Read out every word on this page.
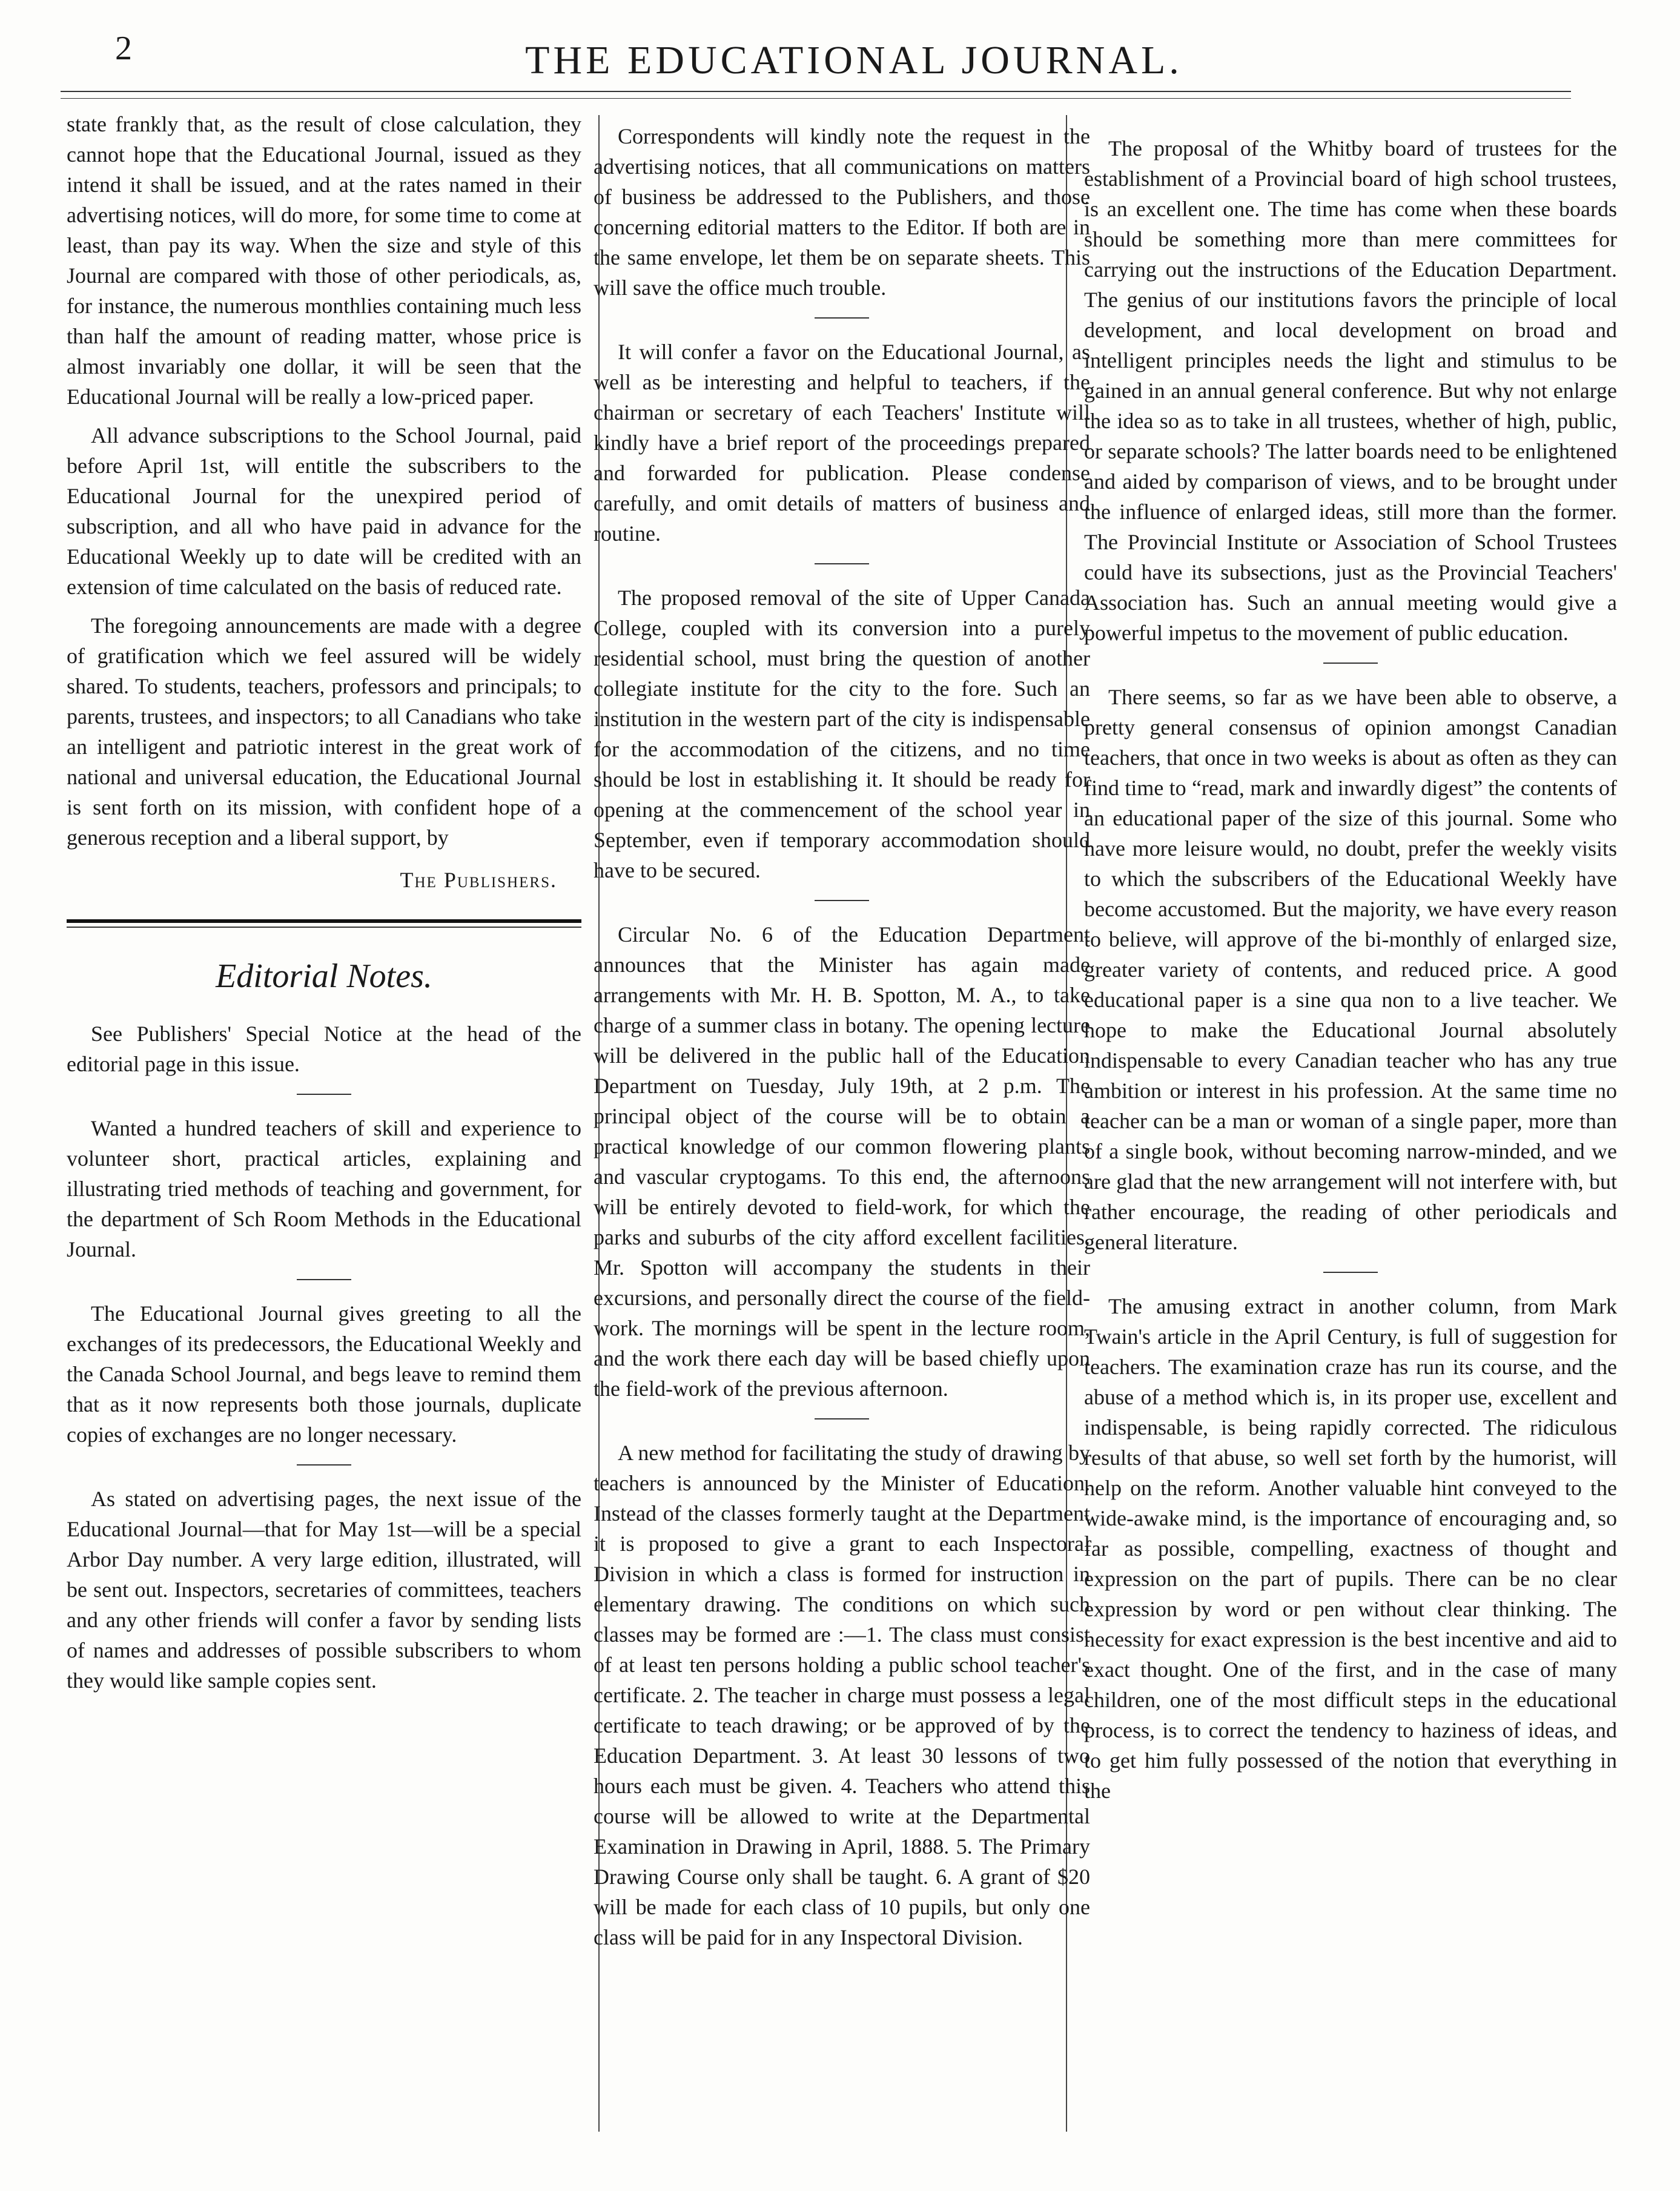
2	THE EDUCATIONAL JOURNAL.

state frankly that, as the result of close calculation, they cannot hope that the Educational Journal, issued as they intend it shall be issued, and at the rates named in their advertising notices, will do more, for some time to come at least, than pay its way. When the size and style of this Journal are compared with those of other periodicals, as, for instance, the numerous monthlies containing much less than half the amount of reading matter, whose price is almost invariably one dollar, it will be seen that the Educational Journal will be really a low-priced paper.

All advance subscriptions to the School Journal, paid before April 1st, will entitle the subscribers to the Educational Journal for the unexpired period of subscription, and all who have paid in advance for the Educational Weekly up to date will be credited with an extension of time calculated on the basis of reduced rate.

The foregoing announcements are made with a degree of gratification which we feel assured will be widely shared. To students, teachers, professors and principals; to parents, trustees, and inspectors; to all Canadians who take an intelligent and patriotic interest in the great work of national and universal education, the Educational Journal is sent forth on its mission, with confident hope of a generous reception and a liberal support, by

The Publishers.
Editorial Notes.

See Publishers' Special Notice at the head of the editorial page in this issue.

Wanted a hundred teachers of skill and experience to volunteer short, practical articles, explaining and illustrating tried methods of teaching and government, for the department of Sch Room Methods in the Educational Journal.

The Educational Journal gives greeting to all the exchanges of its predecessors, the Educational Weekly and the Canada School Journal, and begs leave to remind them that as it now represents both those journals, duplicate copies of exchanges are no longer necessary.

As stated on advertising pages, the next issue of the Educational Journal—that for May 1st—will be a special Arbor Day number. A very large edition, illustrated, will be sent out. Inspectors, secretaries of committees, teachers and any other friends will confer a favor by sending lists of names and addresses of possible subscribers to whom they would like sample copies sent.

Correspondents will kindly note the request in the advertising notices, that all communications on matters of business be addressed to the Publishers, and those concerning editorial matters to the Editor. If both are in the same envelope, let them be on separate sheets. This will save the office much trouble.

It will confer a favor on the Educational Journal, as well as be interesting and helpful to teachers, if the chairman or secretary of each Teachers' Institute will kindly have a brief report of the proceedings prepared and forwarded for publication. Please condense carefully, and omit details of matters of business and routine.

The proposed removal of the site of Upper Canada College, coupled with its conversion into a purely residential school, must bring the question of another collegiate institute for the city to the fore. Such an institution in the western part of the city is indispensable for the accommodation of the citizens, and no time should be lost in establishing it. It should be ready for opening at the commencement of the school year in September, even if temporary accommodation should have to be secured.

Circular No. 6 of the Education Department announces that the Minister has again made arrangements with Mr. H. B. Spotton, M. A., to take charge of a summer class in botany. The opening lecture will be delivered in the public hall of the Education Department on Tuesday, July 19th, at 2 p.m. The principal object of the course will be to obtain a practical knowledge of our common flowering plants and vascular cryptogams. To this end, the afternoons will be entirely devoted to field-work, for which the parks and suburbs of the city afford excellent facilities. Mr. Spotton will accompany the students in their excursions, and personally direct the course of the field-work. The mornings will be spent in the lecture room, and the work there each day will be based chiefly upon the field-work of the previous afternoon.

A new method for facilitating the study of drawing by teachers is announced by the Minister of Education. Instead of the classes formerly taught at the Department it is proposed to give a grant to each Inspectoral Division in which a class is formed for instruction in elementary drawing. The conditions on which such classes may be formed are :—1. The class must consist of at least ten persons holding a public school teacher's certificate. 2. The teacher in charge must possess a legal certificate to teach drawing; or be approved of by the Education Department. 3. At least 30 lessons of two hours each must be given. 4. Teachers who attend this course will be allowed to write at the Departmental Examination in Drawing in April, 1888. 5. The Primary Drawing Course only shall be taught. 6. A grant of $20 will be made for each class of 10 pupils, but only one class will be paid for in any Inspectoral Division.

The proposal of the Whitby board of trustees for the establishment of a Provincial board of high school trustees, is an excellent one. The time has come when these boards should be something more than mere committees for carrying out the instructions of the Education Department. The genius of our institutions favors the principle of local development, and local development on broad and intelligent principles needs the light and stimulus to be gained in an annual general conference. But why not enlarge the idea so as to take in all trustees, whether of high, public, or separate schools? The latter boards need to be enlightened and aided by comparison of views, and to be brought under the influence of enlarged ideas, still more than the former. The Provincial Institute or Association of School Trustees could have its subsections, just as the Provincial Teachers' Association has. Such an annual meeting would give a powerful impetus to the movement of public education.

There seems, so far as we have been able to observe, a pretty general consensus of opinion amongst Canadian teachers, that once in two weeks is about as often as they can find time to “read, mark and inwardly digest” the contents of an educational paper of the size of this journal. Some who have more leisure would, no doubt, prefer the weekly visits to which the subscribers of the Educational Weekly have become accustomed. But the majority, we have every reason to believe, will approve of the bi-monthly of enlarged size, greater variety of contents, and reduced price. A good educational paper is a sine qua non to a live teacher. We hope to make the Educational Journal absolutely indispensable to every Canadian teacher who has any true ambition or interest in his profession. At the same time no teacher can be a man or woman of a single paper, more than of a single book, without becoming narrow-minded, and we are glad that the new arrangement will not interfere with, but rather encourage, the reading of other periodicals and general literature.

The amusing extract in another column, from Mark Twain's article in the April Century, is full of suggestion for teachers. The examination craze has run its course, and the abuse of a method which is, in its proper use, excellent and indispensable, is being rapidly corrected. The ridiculous results of that abuse, so well set forth by the humorist, will help on the reform. Another valuable hint conveyed to the wide-awake mind, is the importance of encouraging and, so far as possible, compelling, exactness of thought and expression on the part of pupils. There can be no clear expression by word or pen without clear thinking. The necessity for exact expression is the best incentive and aid to exact thought. One of the first, and in the case of many children, one of the most difficult steps in the educational process, is to correct the tendency to haziness of ideas, and to get him fully possessed of the notion that everything in the
